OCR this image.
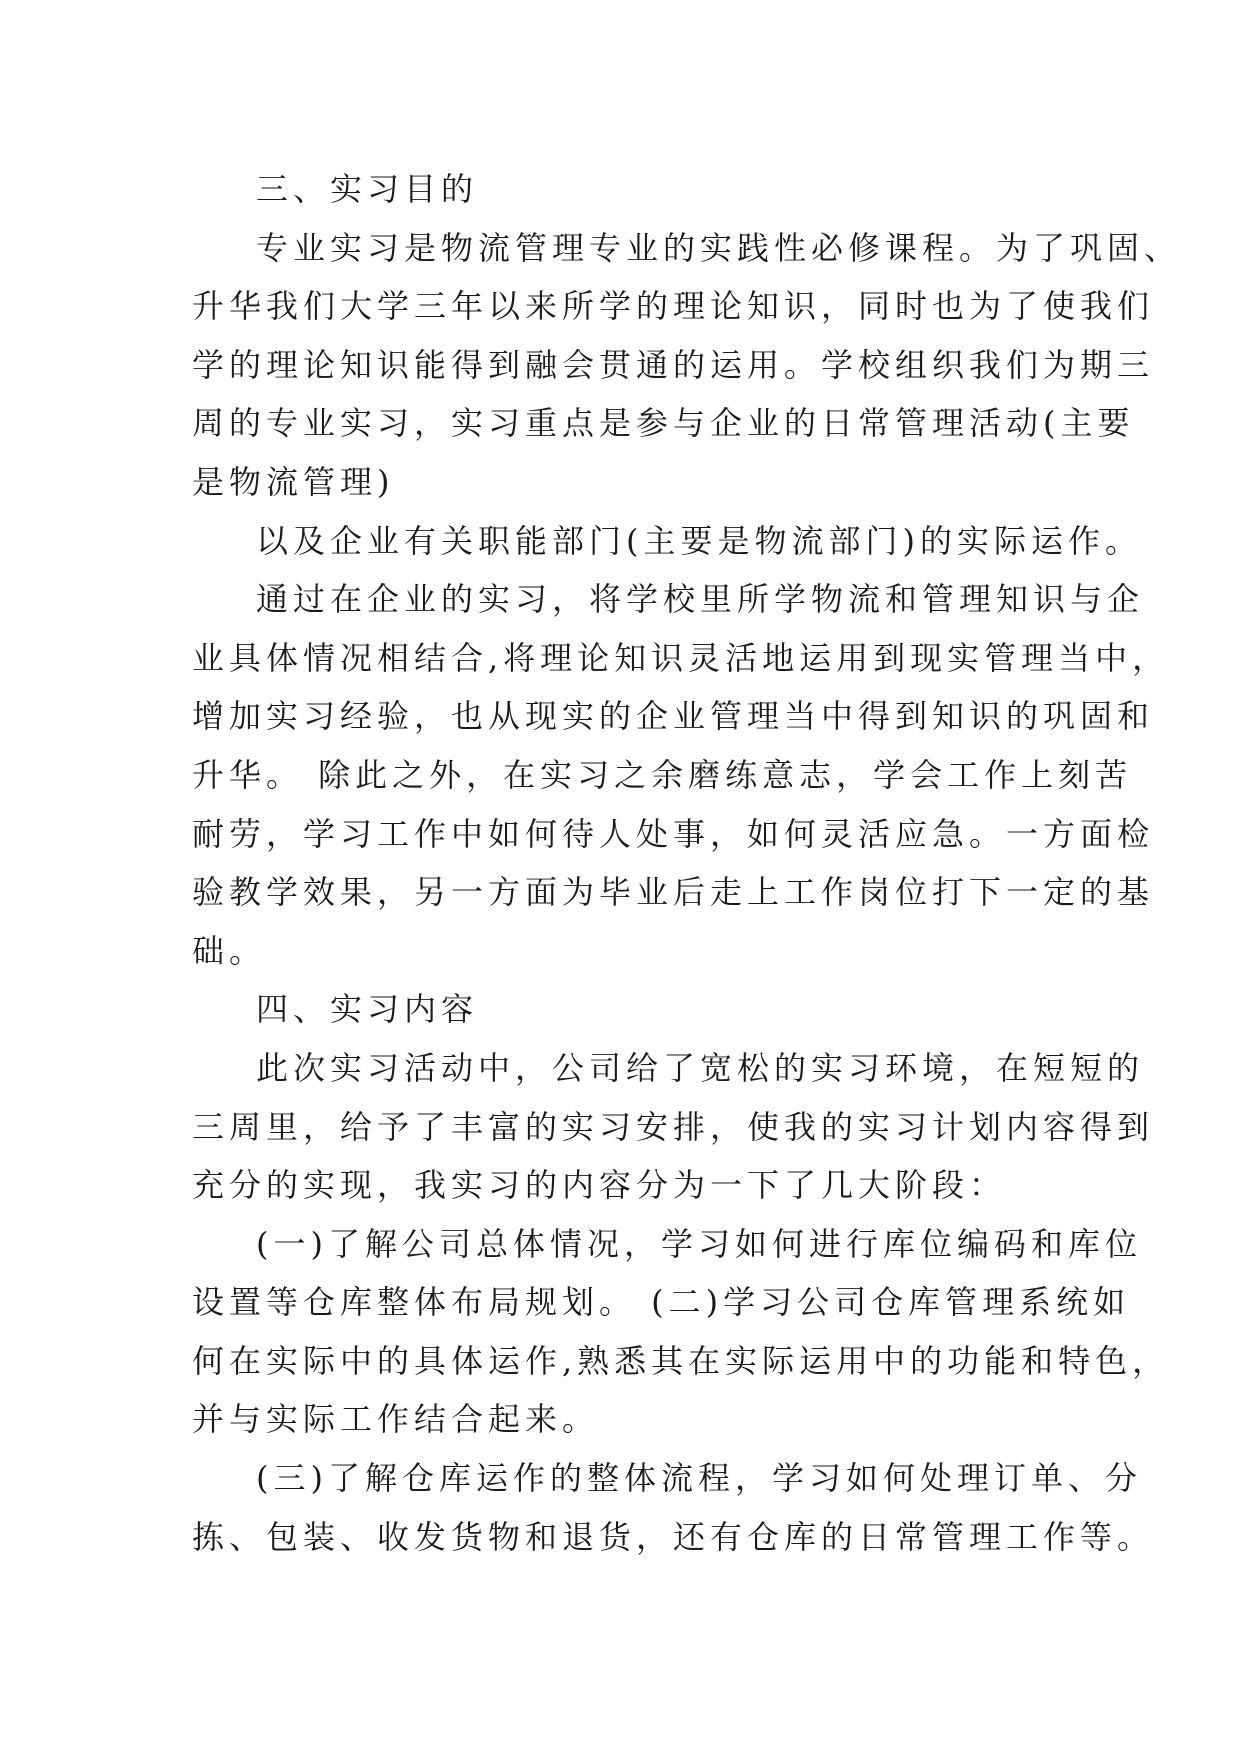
三、实习目的
专业实习是物流管理专业的实践性必修课程。为了巩固、
升华我们大学三年以来所学的理论知识，同时也为了使我们
学的理论知识能得到融会贯通的运用。学校组织我们为期三
周的专业实习，实习重点是参与企业的日常管理活动(主要
是物流管理)
以及企业有关职能部门(主要是物流部门)的实际运作。
通过在企业的实习，将学校里所学物流和管理知识与企
业具体情况相结合,将理论知识灵活地运用到现实管理当中，
增加实习经验，也从现实的企业管理当中得到知识的巩固和
升华。 除此之外，在实习之余磨练意志，学会工作上刻苦
耐劳，学习工作中如何待人处事，如何灵活应急。一方面检
验教学效果，另一方面为毕业后走上工作岗位打下一定的基
础。
四、实习内容
此次实习活动中，公司给了宽松的实习环境，在短短的
三周里，给予了丰富的实习安排，使我的实习计划内容得到
充分的实现，我实习的内容分为一下了几大阶段：
(一)了解公司总体情况，学习如何进行库位编码和库位
设置等仓库整体布局规划。 (二)学习公司仓库管理系统如
何在实际中的具体运作,熟悉其在实际运用中的功能和特色，
并与实际工作结合起来。
(三)了解仓库运作的整体流程，学习如何处理订单、分
拣、包装、收发货物和退货，还有仓库的日常管理工作等。
